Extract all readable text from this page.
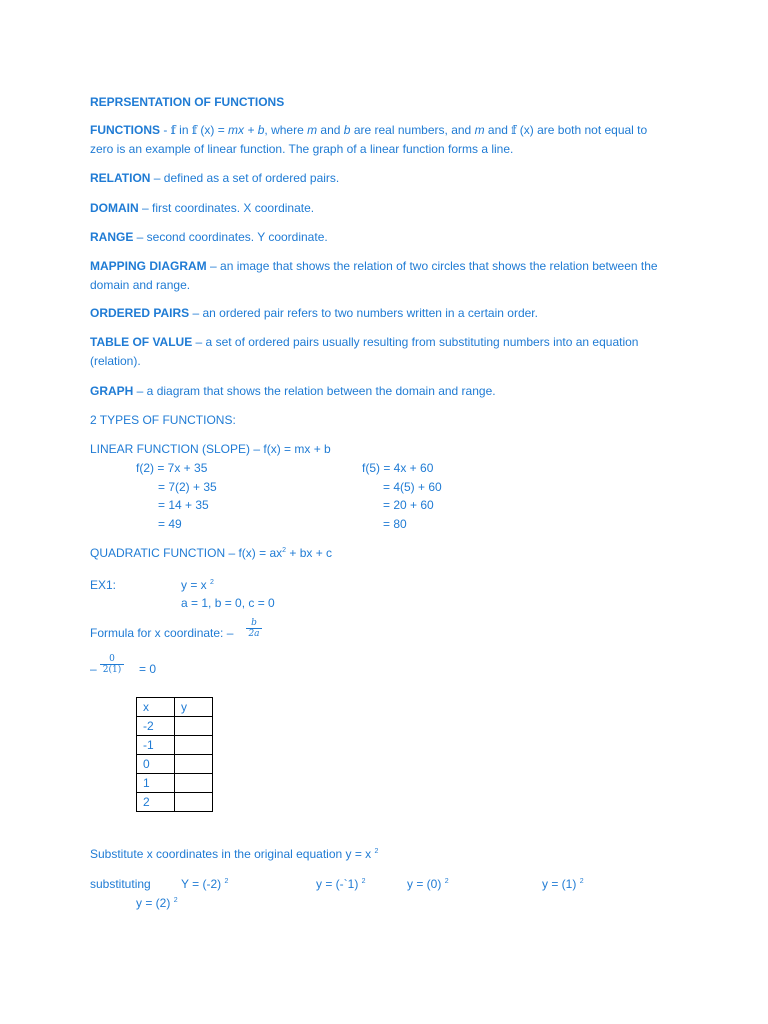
REPRSENTATION OF FUNCTIONS
FUNCTIONS - 𝕗 in 𝕗 (x) = mx + b, where m and b are real numbers, and m and 𝕗 (x) are both not equal to
zero is an example of linear function. The graph of a linear function forms a line.
RELATION – defined as a set of ordered pairs.
DOMAIN – first coordinates. X coordinate.
RANGE – second coordinates. Y coordinate.
MAPPING DIAGRAM – an image that shows the relation of two circles that shows the relation between the domain and range.
ORDERED PAIRS – an ordered pair refers to two numbers written in a certain order.
TABLE OF VALUE – a set of ordered pairs usually resulting from substituting numbers into an equation (relation).
GRAPH – a diagram that shows the relation between the domain and range.
2 TYPES OF FUNCTIONS:
LINEAR FUNCTION (SLOPE) – f(x) = mx + b
f(2) = 7x + 35
= 7(2) + 35
= 14 + 35
= 49
f(5) = 4x + 60
= 4(5) + 60
= 20 + 60
= 80
QUADRATIC FUNCTION – $f(x) = ax^2$ + bx + c
EX1:	y = x $^2$
a = 1, b = 0, c = 0
Formula for x coordinate: – $\frac{b}{2a}$
– $\frac{0}{2(1)} = 0$
x	y
-2	
-1	
0	
1	
2	
Substitute x coordinates in the original equation y = x $^2$
substituting	Y = (-2) $^2$	y = (-`1) $^2$	y = (0) $^2$	y = (1) $^2$
y = (2) $^2$
